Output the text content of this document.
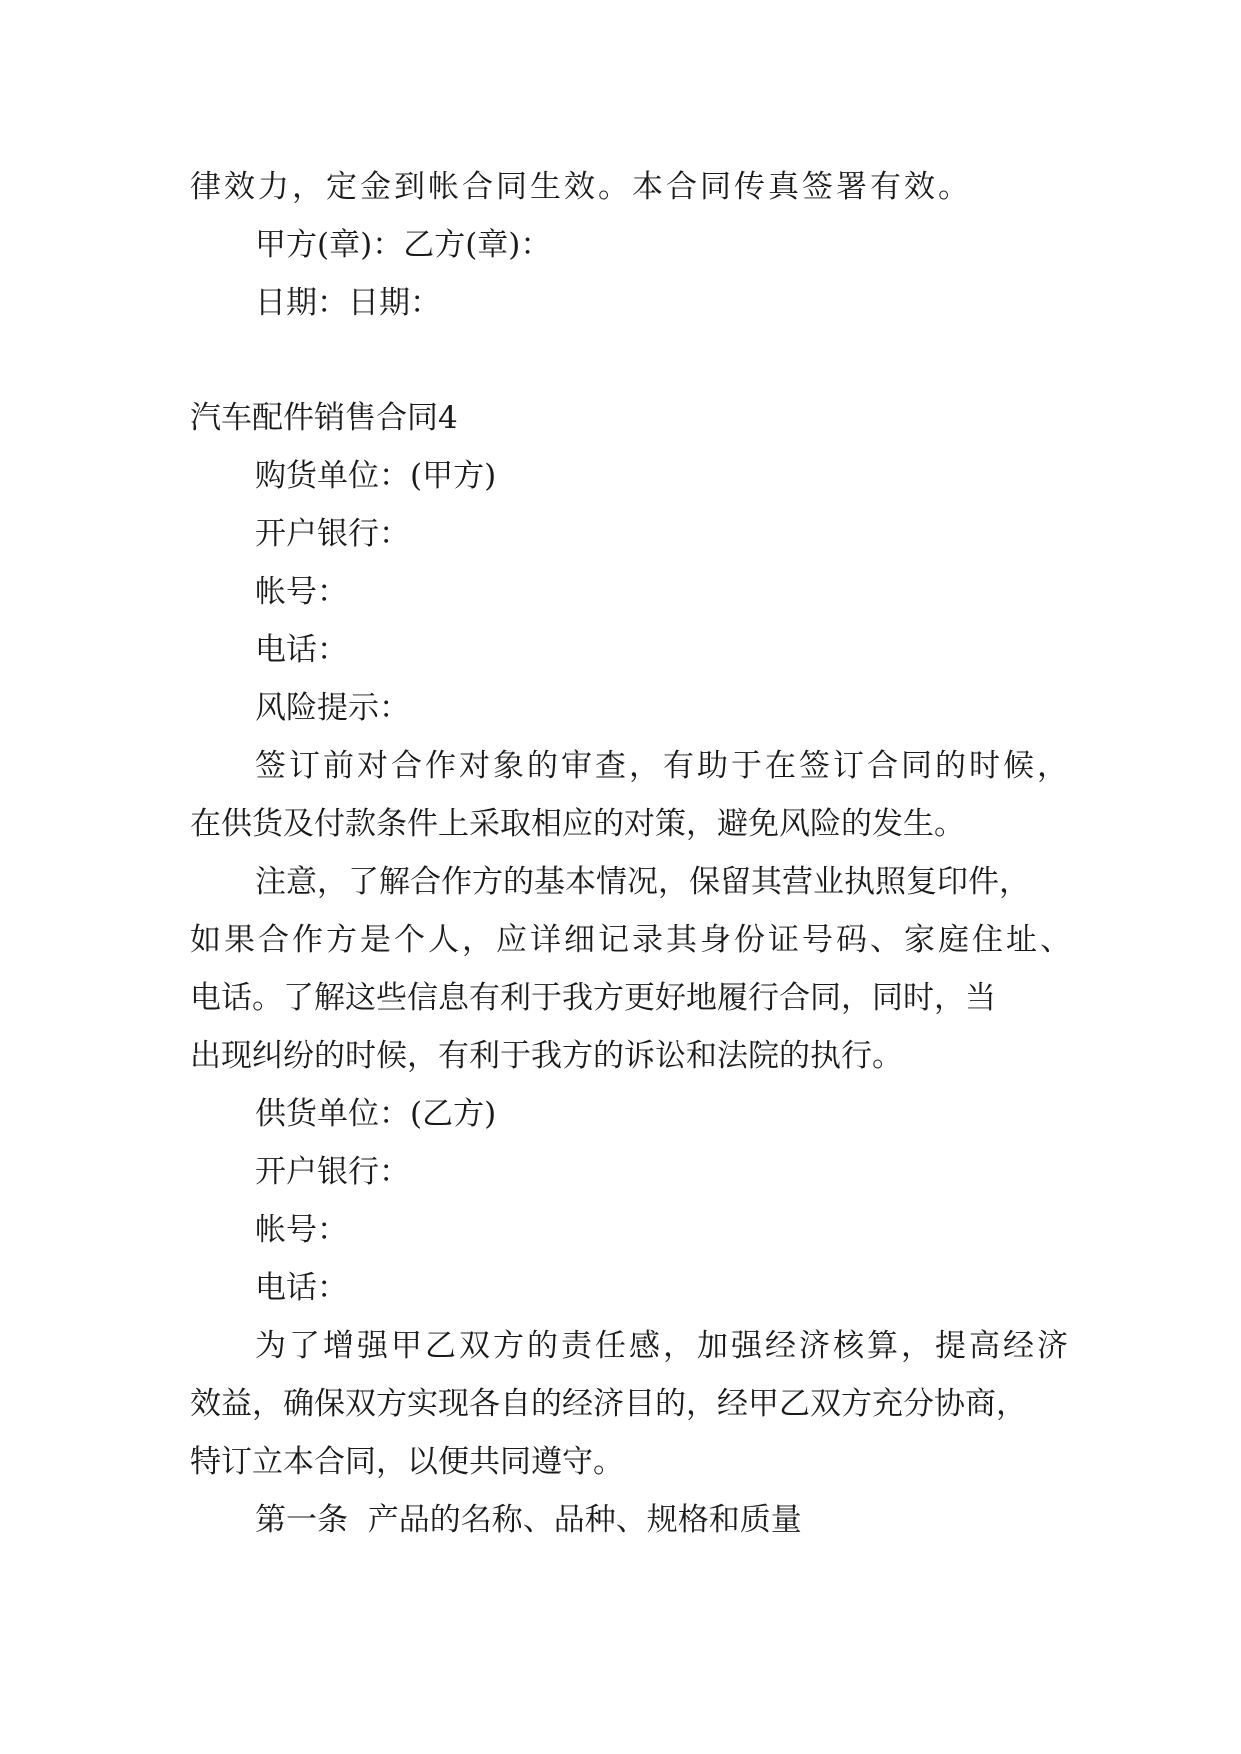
律效力，定金到帐合同生效。本合同传真签署有效。
甲方(章)：乙方(章)：
日期：日期：
汽车配件销售合同4
购货单位：(甲方)
开户银行：
帐号：
电话：
风险提示：
签订前对合作对象的审查，有助于在签订合同的时候，
在供货及付款条件上采取相应的对策，避免风险的发生。
注意，了解合作方的基本情况，保留其营业执照复印件，
如果合作方是个人，应详细记录其身份证号码、家庭住址、
电话。了解这些信息有利于我方更好地履行合同，同时，当
出现纠纷的时候，有利于我方的诉讼和法院的执行。
供货单位：(乙方)
开户银行：
帐号：
电话：
为了增强甲乙双方的责任感，加强经济核算，提高经济
效益，确保双方实现各自的经济目的，经甲乙双方充分协商，
特订立本合同，以便共同遵守。
第一条  产品的名称、品种、规格和质量
